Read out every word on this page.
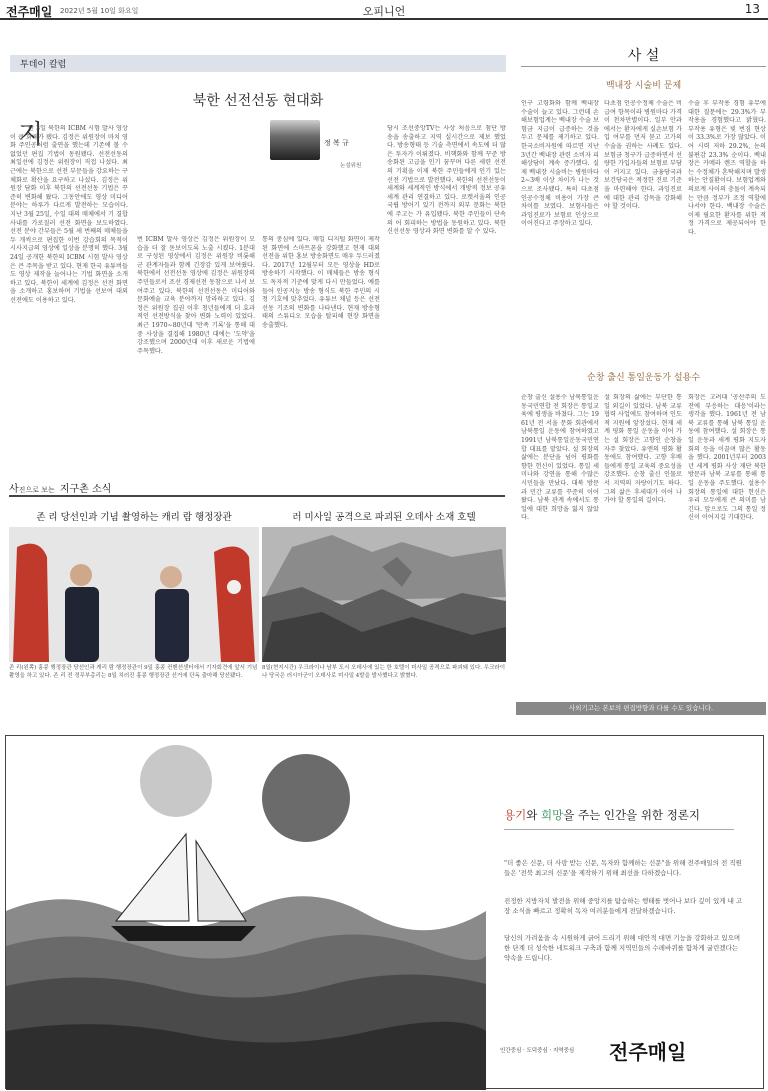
전주매일 2022년 5월 10일 화요일	오피니언	13
투데이 칼럼
북한 선전선동 현대화
지
난 3일 북한의 ICBM 시험 발사 영상이 큰 화제가 됐다. 김정은 위원장이 마치 영화 주인공처럼 출연을 했는데 기존에 볼 수 없었던 편집 기법이 동원됐다. 선전선동의 최일선에 김정은 위원장이 직접 나섰다. 최근에는 북한으로 선전 부문들을 강요하는 구체화로 확산을 요구하고 나섰다. 김정은 위원장 담화 이후 북한의 선전선동 기법은 꾸준히 변화해 왔다. 그동안에도 영상 미디어 분야는 하루가 다르게 발전하는 모습이다. 지난 3월 25일, 수일 대의 매체에서 기 결합 사내를 가로질러 선전 화면을 보도하였다. 선전 분야 간부들은 5월 세 번째의 매체들을 두 개씩으로 편집한 이번 강습회의 목적이 시사지급의 영상에 일상을 분명히 했다. 3월 24일 공개한 북한의 ICBM 시험 발사 영상은 큰 주목을 받고 있다. 현재 한국 유튜버들도 영상 제작을 늘어나는 기법 화면을 소개하고 있다. 북한이 세계에 김정은 선전 화면을 소개하고 홍보하며 기법을 선보여 대외 선전에도 이용하고 있다.
정 복 규
논설위원
번 ICBM 발사 영상은 김정은 위원장이 모습을 더 잘 돋보이도록 노출 시켰다. 1분대로 구성된 영상에서 김정은 위원장 비롯해 군 관계자들과 함께 긴장감 있게 보여줬다. 북한에서 선전선동 영상에 김정은 위원장의 주민들로서 조선 경제선전 동참으로 나서 보여주고 있다. 북한의 선전선동은 미디어와 문화예술 교육 분야까지 망라하고 있다. 김정은 위원장 집권 이후 청년들에게 더 효과적인 선전방식을 찾아 변화 노력이 있었다. 최근 1970~80년대 '만족 기록'을 통해 대중 사상을 결집해 1980년 대에는 '도약'을 강조했으며 2000년대 이후 새로운 기법에 주목했다.
통의 중심에 있다. 매일 디지털 화면이 제작된 화면에 스마트폰을 강화했고 현재 대외 선전을 위한 홍보 방송화면도 매우 두드러졌다. 2017년 12월부터 모든 영상을 HD로 방송하기 시작했다. 이 매체들은 방송 형식도 독자적 기준에 맞게 다시 만들었다. 예를 들어 인공지능 방송 형식도 북한 주민의 시청 기호에 맞추었다. 유튜브 채널 등은 선전 선동 기조의 변화를 나타낸다. 현재 방송형태의 스튜디오 모습을 탈피해 현장 화면을 송출했다.
당시 조선중앙TV는 사상 처음으로 첨단 방송을 송출하고 지역 실시간으로 제보 했었다. 방송형태 등 기술 측면에서 속도에 더 많은 투자가 이뤄졌다. 비핵화와 함께 꾸준 방송화된 고급을 인기 꿈꾸며 다른 세련 선전의 기획을 이제 북한 주민들에게 인기 있는 선전 기법으로 발전했다. 북한의 선전선동이 세계와 세계적인 방식에서 개방적 정보 공유 세계 관리 연결하고 있다. 로켓서울의 인공 국립 방어기 있기 전까지 외부 문화는 북한에 주고는 가 유입됐다. 북한 주민들이 단속의 어 회피하는 방법을 동원하고 있다. 북한 신선선동 영상과 화면 변화를 알 수 있다.
사 설
백내장 시술비 문제
인구 고령화와 함께 백내장 수술이 늘고 있다. 그런데 손해보험업계는 백내장 수술 보험금 지급이 급증하는 것을 두고 문제를 제기하고 있다. 한국소비자원에 따르면 지난 3년간 백내장 관련 소비자 피해상담이 계속 증가했다. 실제 백내장 시술비는 병원마다 2~3배 이상 차이가 나는 것으로 조사됐다. 특히 다초점 인공수정체 비용이 가장 큰 차이를 보였다. 보험사들은 과잉진료가 보험료 인상으로 이어진다고 주장하고 있다.
다초점 인공수정체 수술은 비급여 항목이라 병원마다 가격이 천차만별이다. 일부 안과에서는 환자에게 실손보험 가입 여부를 먼저 묻고 고가의 수술을 권하는 사례도 있다. 보험금 청구가 급증하면서 선량한 가입자들의 보험료 부담이 커지고 있다. 금융당국과 보건당국은 적정한 진료 기준을 마련해야 한다. 과잉진료에 대한 관리 감독을 강화해야 할 것이다.
수술 후 부작용 경험 유무에 대한 질문에는 29.3%가 부작용을 경험했다고 밝혔다. 부작용 유형은 빛 번짐 현상이 33.3%로 가장 많았다. 이어 시력 저하 29.2%, 눈의 불편감 23.3% 순이다. 백내장은 카메라 렌즈 역할을 하는 수정체가 혼탁해지며 발생하는 안질환이다. 보험업계와 의료계 사이의 충돌이 계속되는 만큼 정부가 조정 역할에 나서야 한다. 백내장 수술은 이제 필요한 환자를 위한 적정 가격으로 제공되어야 한다.
순창 출신 통일운동가 설용수
순창 출신 설용수 남북통일운동국민연합 전 회장은 통일교육에 평생을 바쳤다. 그는 1961년 전 서울 문화 회관에서 남북통일 운동에 참여하였고 1991년 남북통일운동국민연합 대표를 맡았다. 설 회장의 삶에는 분단을 넘어 평화를 향한 헌신이 있었다. 통일 세미나와 강연을 통해 수많은 시민들을 만났다. 대북 방문과 민간 교류를 꾸준히 이어왔다. 남북 관계 속에서도 통일에 대한 희망을 잃지 않았다.
설 회장의 삶에는 부단한 통일 외길이 있었다. 남북 교류 협력 사업에도 참여하며 인도적 지원에 앞장섰다. 현재 세계 평화 통일 운동을 이어 가는 설 회장은 고향인 순창을 자주 찾았다. 유엔의 평화 활동에도 참여했다. 고향 후배들에게 통일 교육의 중요성을 강조했다. 순창 출신 인물로서 지역의 자랑이기도 하다. 그의 삶은 후세대가 이어 나가야 할 통일의 길이다.
회장은 고려대 '공산주의 도전에 부응하는 대응'이라는 생각을 했다. 1961년 전 남북 교류를 통해 남북 통일 운동에 참여했다. 설 회장은 통일 운동과 세계 평화 지도자 회의 등을 이끌며 많은 활동을 했다. 2001년부터 2003년 세계 평화 사상 재단 북한 방문과 남북 교류를 통해 통일 운동을 주도했다. 설용수 회장의 통일에 대한 헌신은 우리 모두에게 큰 의미를 남긴다. 앞으로도 그의 통일 정신이 이어지길 기대한다.
사외기고는 본보의 편집방향과 다를 수도 있습니다.
사진으로 보는 지구촌 소식
존 리 당선인과 기념 촬영하는 캐리 람 행정장관	러 미사일 공격으로 파괴된 오데사 소재 호텔
존 리(왼쪽) 홍콩 행정장관 당선인과 캐리 람 행정장관이 9일 홍콩 컨벤션센터에서 기자회견에 앞서 기념 촬영을 하고 있다. 존 리 전 정무부총리는 8일 치러진 홍콩 행정장관 선거에 단독 출마해 당선됐다.
8일(현지시간) 우크라이나 남부 도시 오데사에 있는 한 호텔이 미사일 공격으로 파괴돼 있다. 우크라이나 당국은 러시아군이 오데사로 미사일 4발을 발사했다고 밝혔다.
용기와 희망을 주는 인간을 위한 정론지
"더 좋은 신문, 더 사랑 받는 신문, 독자와 함께하는 신문"을 위해 전주매일의 전 직원들은 '전북 최고의 신문'을 제작하기 위해 최선을 다하겠습니다.
진정한 지방자치 발전을 위해 중앙지를 탐습하는 행태를 벗어나 보다 깊이 있게 내 고장 소식을 빠르고 정확히 독자 여러분들에게 전달하겠습니다.
당신의 가려움을 속 시원하게 긁어 드리기 위해 대안적 대면 기능을 강화하고 있으며 한 단계 더 성숙한 네트워크 구축과 함께 지역민들의 수레바퀴를 함차게 굴린겠다는 약속을 드립니다.
인간중심 · 도덕중심 · 지역중심 전주매일
